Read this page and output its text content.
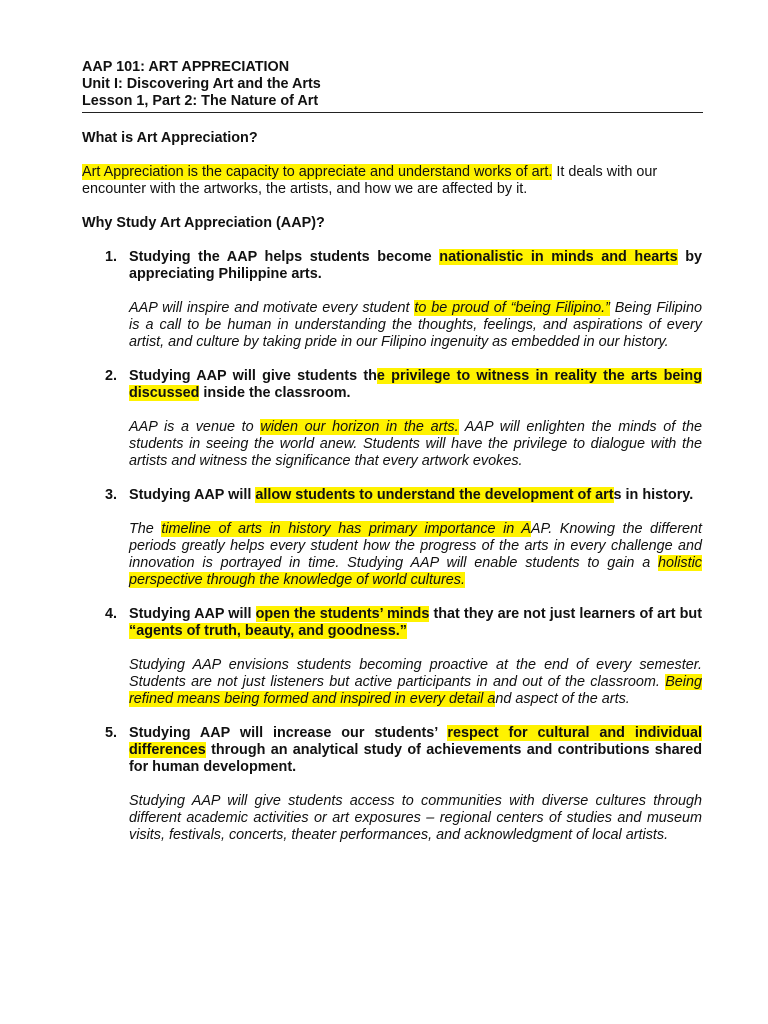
AAP 101: ART APPRECIATION

Unit I: Discovering Art and the Arts

Lesson 1, Part 2: The Nature of Art

What is Art Appreciation?

Art Appreciation is the capacity to appreciate and understand works of art. It deals with our encounter with the artworks, the artists, and how we are affected by it.

Why Study Art Appreciation (AAP)?
1. Studying the AAP helps students become nationalistic in minds and hearts by appreciating Philippine arts.

AAP will inspire and motivate every student to be proud of “being Filipino.” Being Filipino is a call to be human in understanding the thoughts, feelings, and aspirations of every artist, and culture by taking pride in our Filipino ingenuity as embedded in our history.

2. Studying AAP will give students the privilege to witness in reality the arts being discussed inside the classroom.

AAP is a venue to widen our horizon in the arts. AAP will enlighten the minds of the students in seeing the world anew. Students will have the privilege to dialogue with the artists and witness the significance that every artwork evokes.

3. Studying AAP will allow students to understand the development of arts in history.

The timeline of arts in history has primary importance in AAP. Knowing the different periods greatly helps every student how the progress of the arts in every challenge and innovation is portrayed in time. Studying AAP will enable students to gain a holistic perspective through the knowledge of world cultures.

4. Studying AAP will open the students’ minds that they are not just learners of art but “agents of truth, beauty, and goodness.”

Studying AAP envisions students becoming proactive at the end of every semester. Students are not just listeners but active participants in and out of the classroom. Being refined means being formed and inspired in every detail and aspect of the arts.

5. Studying AAP will increase our students’ respect for cultural and individual differences through an analytical study of achievements and contributions shared for human development.

Studying AAP will give students access to communities with diverse cultures through different academic activities or art exposures – regional centers of studies and museum visits, festivals, concerts, theater performances, and acknowledgment of local artists.
